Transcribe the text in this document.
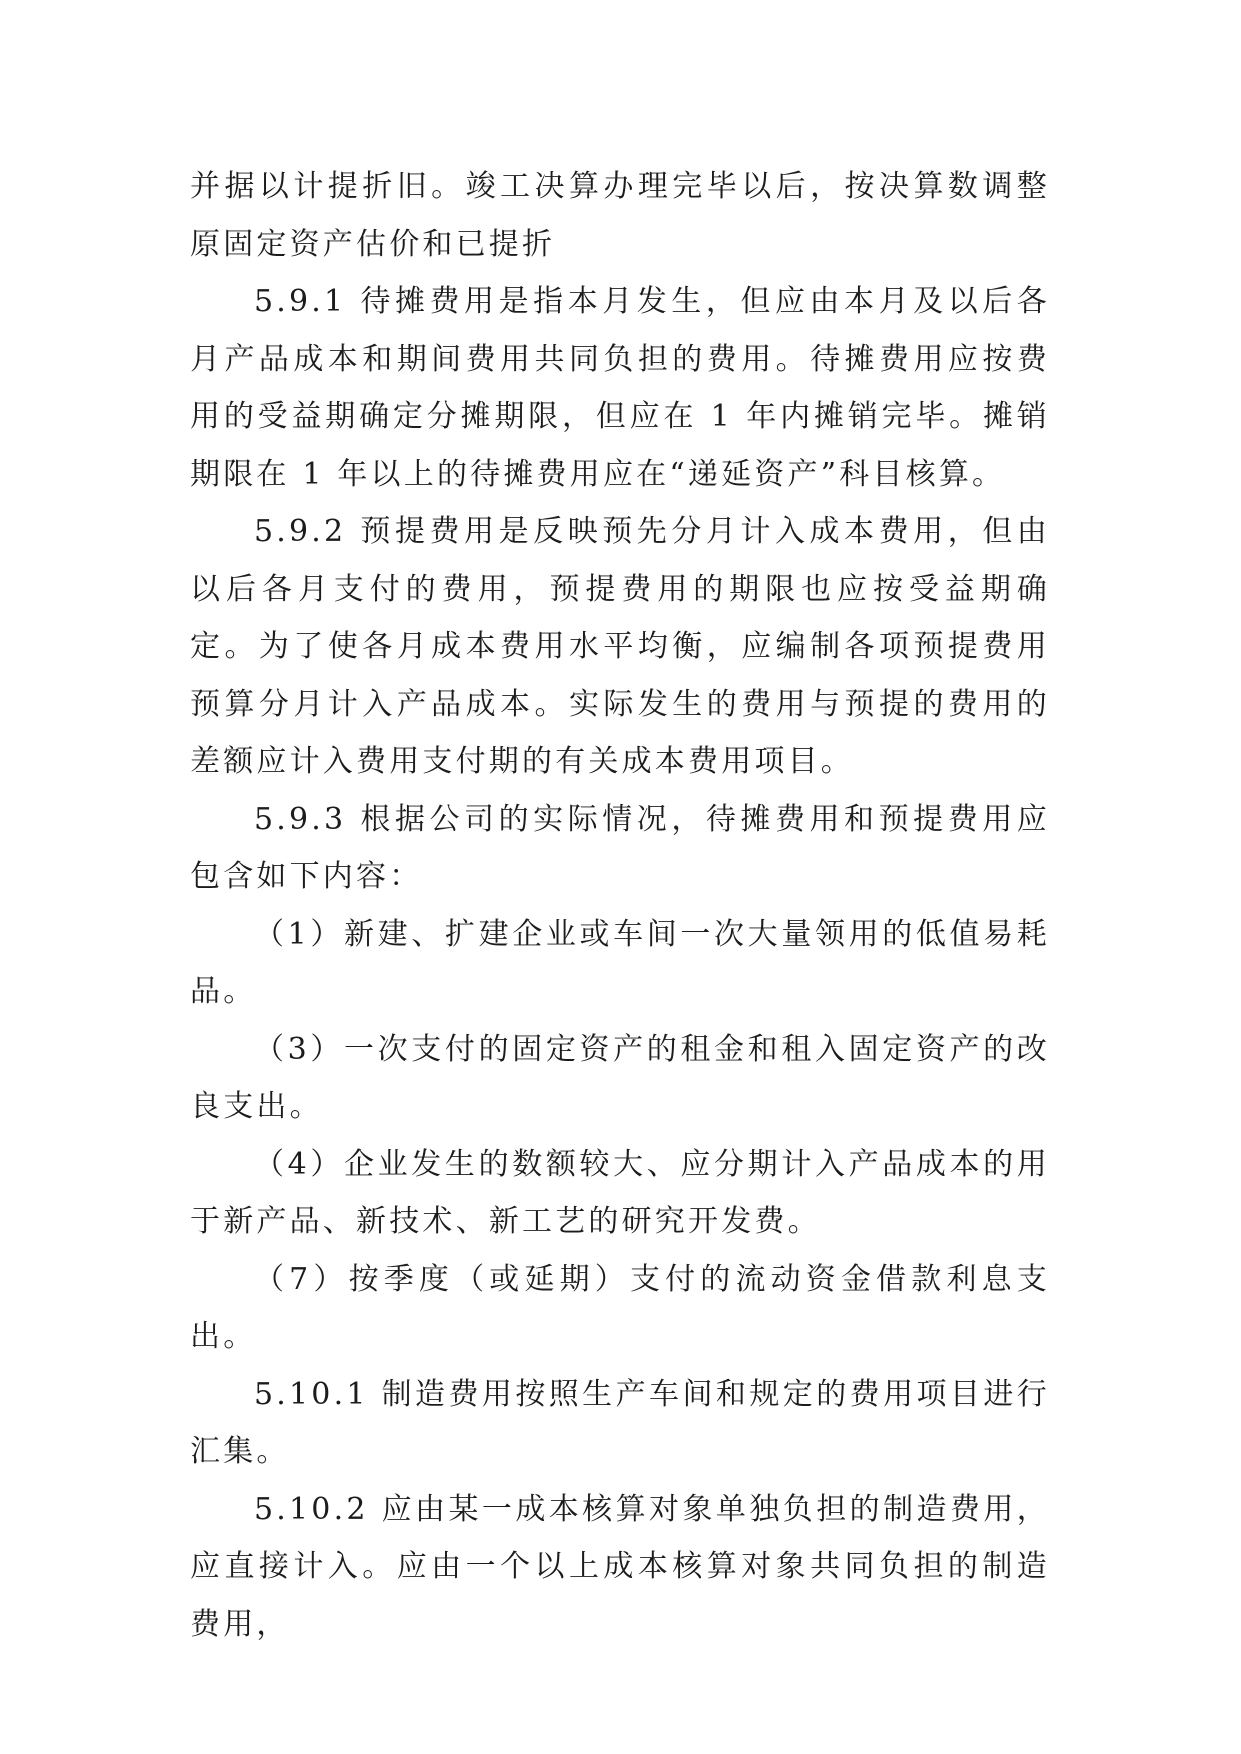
并据以计提折旧。竣工决算办理完毕以后，按决算数调整原固定资产估价和已提折

5.9.1 待摊费用是指本月发生，但应由本月及以后各月产品成本和期间费用共同负担的费用。待摊费用应按费用的受益期确定分摊期限，但应在 1 年内摊销完毕。摊销期限在 1 年以上的待摊费用应在“递延资产”科目核算。

5.9.2 预提费用是反映预先分月计入成本费用，但由以后各月支付的费用，预提费用的期限也应按受益期确定。为了使各月成本费用水平均衡，应编制各项预提费用预算分月计入产品成本。实际发生的费用与预提的费用的差额应计入费用支付期的有关成本费用项目。

5.9.3 根据公司的实际情况，待摊费用和预提费用应包含如下内容：

（1）新建、扩建企业或车间一次大量领用的低值易耗品。

（3）一次支付的固定资产的租金和租入固定资产的改良支出。

（4）企业发生的数额较大、应分期计入产品成本的用于新产品、新技术、新工艺的研究开发费。

（7）按季度（或延期）支付的流动资金借款利息支出。

5.10.1 制造费用按照生产车间和规定的费用项目进行汇集。

5.10.2 应由某一成本核算对象单独负担的制造费用，应直接计入。应由一个以上成本核算对象共同负担的制造费用，
